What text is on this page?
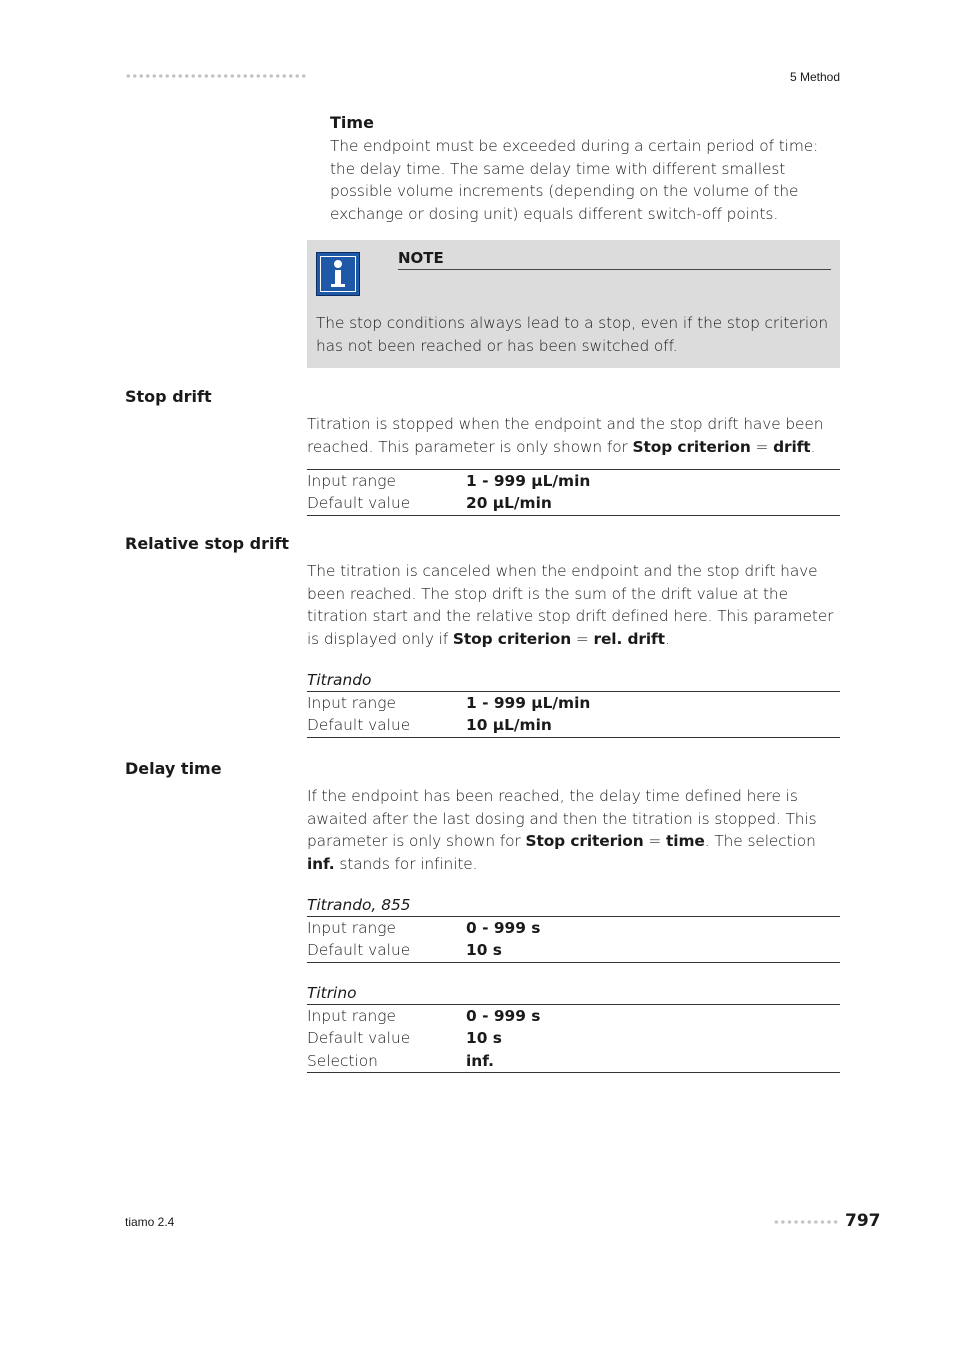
5 Method
Time
The endpoint must be exceeded during a certain period of time: the delay time. The same delay time with different smallest possible volume increments (depending on the volume of the exchange or dosing unit) equals different switch-off points.
NOTE
The stop conditions always lead to a stop, even if the stop criterion has not been reached or has been switched off.
Stop drift
Titration is stopped when the endpoint and the stop drift have been reached. This parameter is only shown for Stop criterion = drift.
Input range	1 - 999 µL/min
Default value	20 µL/min
Relative stop drift
The titration is canceled when the endpoint and the stop drift have been reached. The stop drift is the sum of the drift value at the titration start and the relative stop drift defined here. This parameter is displayed only if Stop criterion = rel. drift.
Titrando
Input range	1 - 999 µL/min
Default value	10 µL/min
Delay time
If the endpoint has been reached, the delay time defined here is awaited after the last dosing and then the titration is stopped. This parameter is only shown for Stop criterion = time. The selection inf. stands for infinite.
Titrando, 855
Input range	0 - 999 s
Default value	10 s
Titrino
Input range	0 - 999 s
Default value	10 s
Selection	inf.
tiamo 2.4	797
